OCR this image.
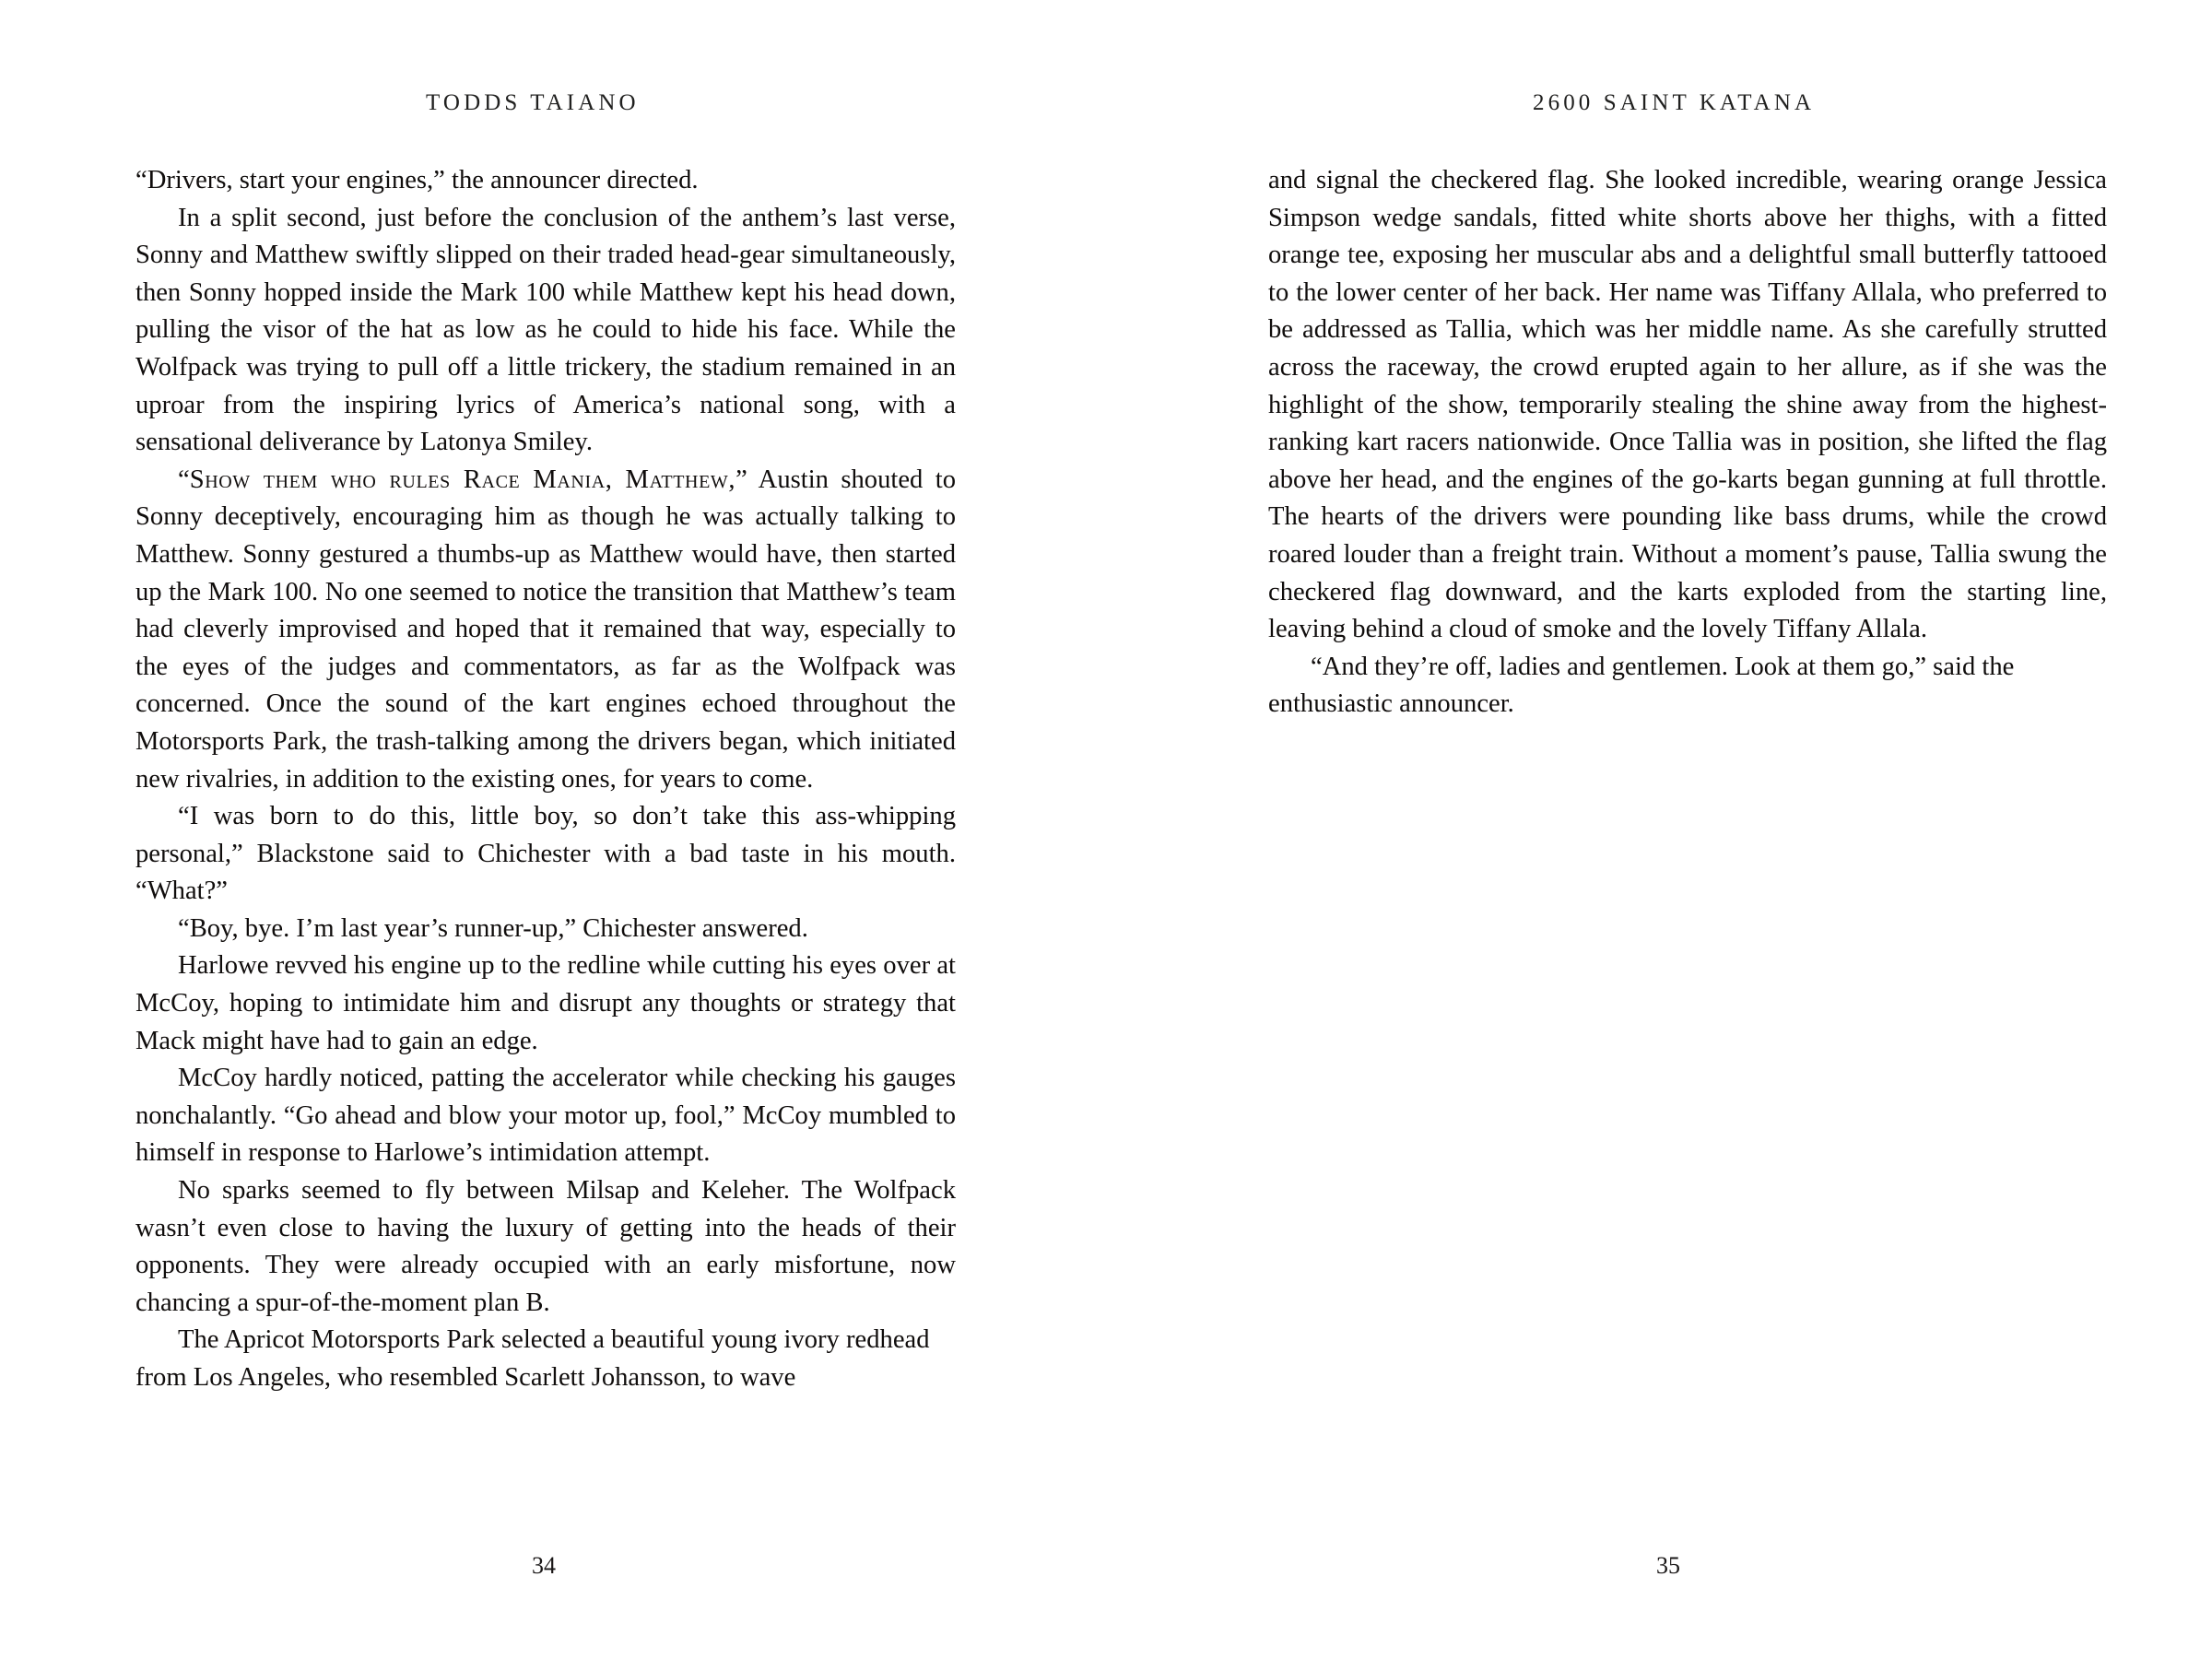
TODDS TAIANO

“Drivers, start your engines,” the announcer directed.

In a split second, just before the conclusion of the anthem’s last verse, Sonny and Matthew swiftly slipped on their traded head-gear simultaneously, then Sonny hopped inside the Mark 100 while Matthew kept his head down, pulling the visor of the hat as low as he could to hide his face. While the Wolfpack was trying to pull off a little trickery, the stadium remained in an uproar from the inspiring lyrics of America’s national song, with a sensational deliverance by Latonya Smiley.

“Show them who rules Race Mania, Matthew,” Austin shouted to Sonny deceptively, encouraging him as though he was actually talking to Matthew. Sonny gestured a thumbs-up as Matthew would have, then started up the Mark 100. No one seemed to notice the transition that Matthew’s team had cleverly improvised and hoped that it remained that way, especially to the eyes of the judges and commentators, as far as the Wolfpack was concerned. Once the sound of the kart engines echoed throughout the Motorsports Park, the trash-talking among the drivers began, which initiated new rivalries, in addition to the existing ones, for years to come.

“I was born to do this, little boy, so don’t take this ass-whipping personal,” Blackstone said to Chichester with a bad taste in his mouth. “What?”

“Boy, bye. I’m last year’s runner-up,” Chichester answered.

Harlowe revved his engine up to the redline while cutting his eyes over at McCoy, hoping to intimidate him and disrupt any thoughts or strategy that Mack might have had to gain an edge.

McCoy hardly noticed, patting the accelerator while checking his gauges nonchalantly. “Go ahead and blow your motor up, fool,” McCoy mumbled to himself in response to Harlowe’s intimidation attempt.

No sparks seemed to fly between Milsap and Keleher. The Wolfpack wasn’t even close to having the luxury of getting into the heads of their opponents. They were already occupied with an early misfortune, now chancing a spur-of-the-moment plan B.

The Apricot Motorsports Park selected a beautiful young ivory redhead from Los Angeles, who resembled Scarlett Johansson, to wave

34
2600 SAINT KATANA

and signal the checkered flag. She looked incredible, wearing orange Jessica Simpson wedge sandals, fitted white shorts above her thighs, with a fitted orange tee, exposing her muscular abs and a delightful small butterfly tattooed to the lower center of her back. Her name was Tiffany Allala, who preferred to be addressed as Tallia, which was her middle name. As she carefully strutted across the raceway, the crowd erupted again to her allure, as if she was the highlight of the show, temporarily stealing the shine away from the highest-ranking kart racers nationwide. Once Tallia was in position, she lifted the flag above her head, and the engines of the go-karts began gunning at full throttle. The hearts of the drivers were pounding like bass drums, while the crowd roared louder than a freight train. Without a moment’s pause, Tallia swung the checkered flag downward, and the karts exploded from the starting line, leaving behind a cloud of smoke and the lovely Tiffany Allala.

“And they’re off, ladies and gentlemen. Look at them go,” said the enthusiastic announcer.

35
